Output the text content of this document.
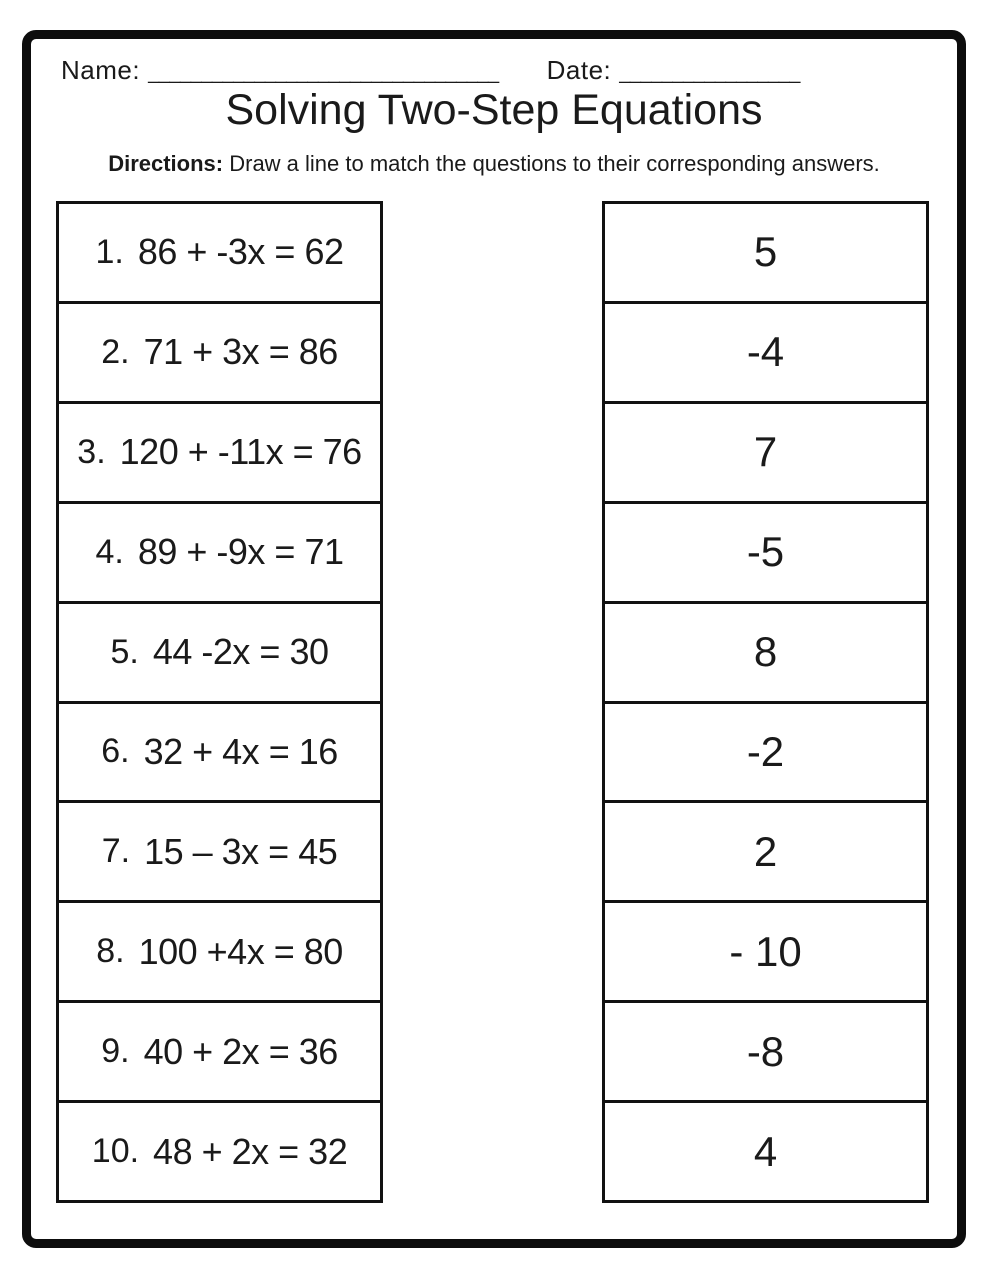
Name: _________________________________ Date: _________________
Solving Two-Step Equations
Directions: Draw a line to match the questions to their corresponding answers.
1. 86 + -3x = 62
2. 71 + 3x = 86
3. 120 + -11x = 76
4. 89 + -9x = 71
5. 44 -2x = 30
6. 32 + 4x = 16
7. 15 – 3x = 45
8. 100 +4x = 80
9. 40 + 2x = 36
10. 48 + 2x = 32
5
-4
7
-5
8
-2
2
- 10
-8
4
